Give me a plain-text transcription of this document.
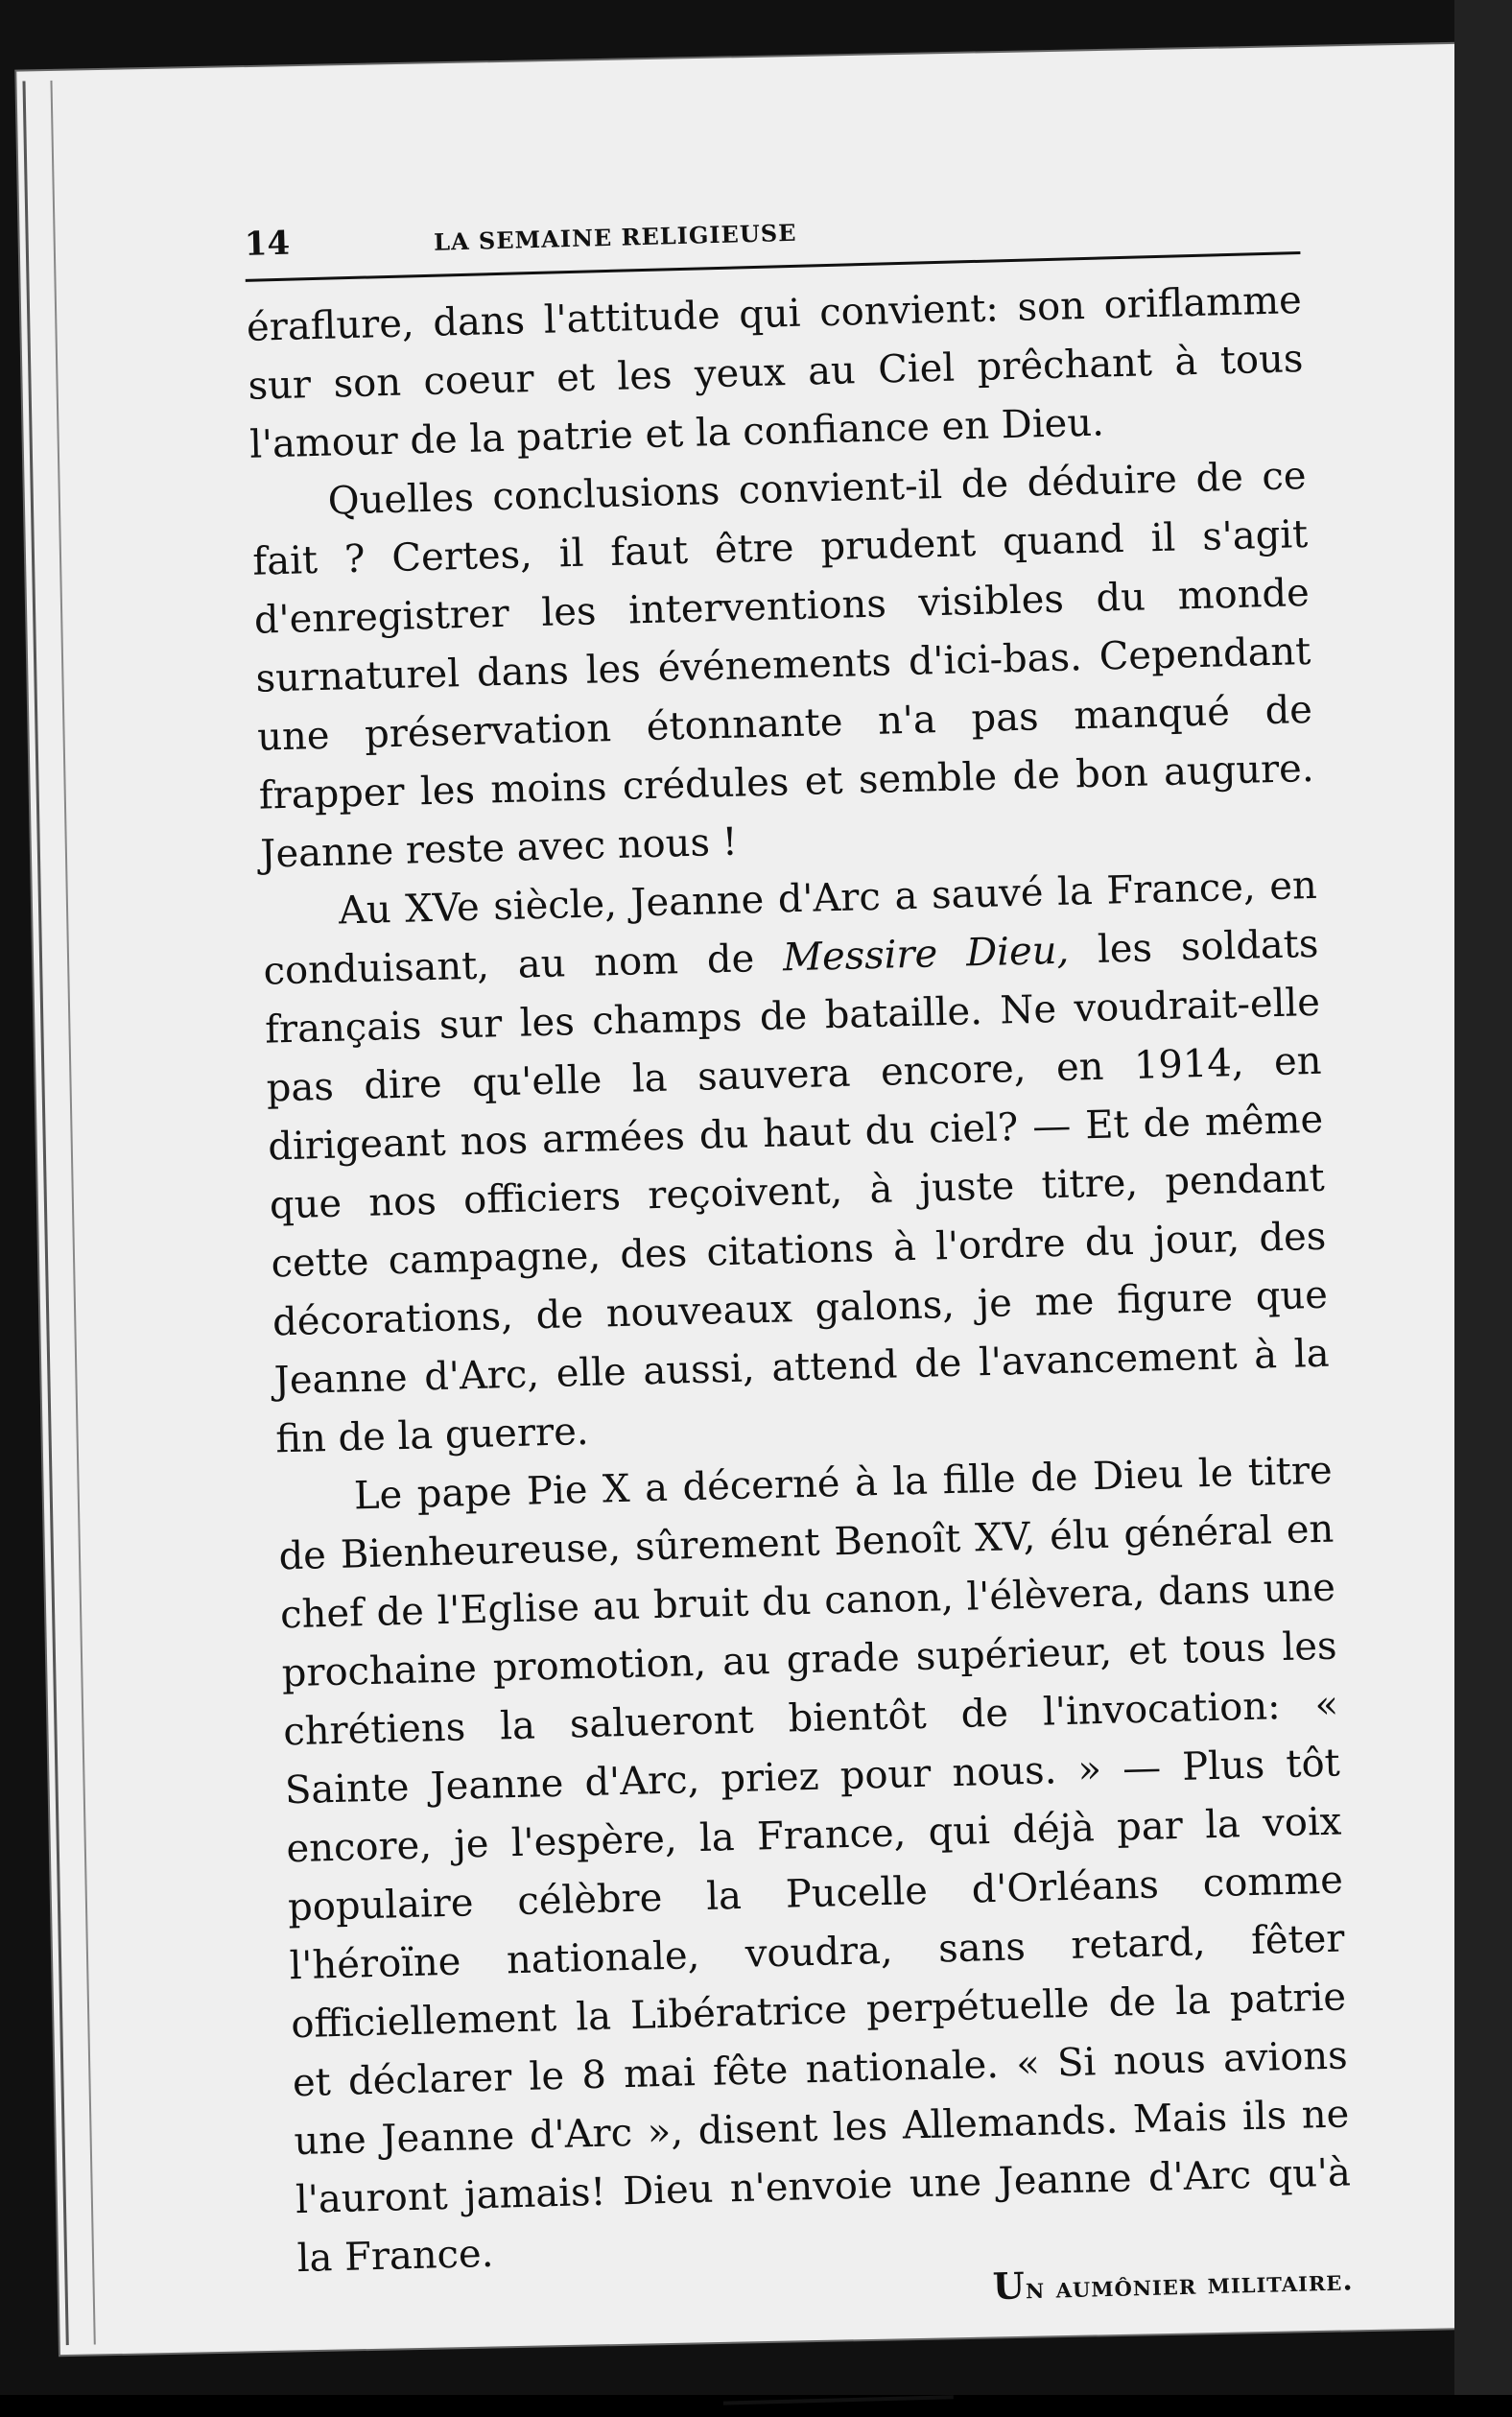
14	LA SEMAINE RELIGIEUSE

éraflure, dans l'attitude qui convient: son oriflamme sur son coeur et les yeux au Ciel prêchant à tous l'amour de la patrie et la confiance en Dieu.

Quelles conclusions convient-il de déduire de ce fait ? Certes, il faut être prudent quand il s'agit d'enregistrer les interventions visibles du monde surnaturel dans les événements d'ici-bas. Cependant une préservation étonnante n'a pas manqué de frapper les moins crédules et semble de bon augure. Jeanne reste avec nous !

Au XVe siècle, Jeanne d'Arc a sauvé la France, en conduisant, au nom de Messire Dieu, les soldats français sur les champs de bataille. Ne voudrait-elle pas dire qu'elle la sauvera encore, en 1914, en dirigeant nos armées du haut du ciel? — Et de même que nos officiers reçoivent, à juste titre, pendant cette campagne, des citations à l'ordre du jour, des décorations, de nouveaux galons, je me figure que Jeanne d'Arc, elle aussi, attend de l'avancement à la fin de la guerre.

Le pape Pie X a décerné à la fille de Dieu le titre de Bienheureuse, sûrement Benoît XV, élu général en chef de l'Eglise au bruit du canon, l'élèvera, dans une prochaine promotion, au grade supérieur, et tous les chrétiens la salueront bientôt de l'invocation: « Sainte Jeanne d'Arc, priez pour nous. » — Plus tôt encore, je l'espère, la France, qui déjà par la voix populaire célèbre la Pucelle d'Orléans comme l'héroïne nationale, voudra, sans retard, fêter officiellement la Libératrice perpétuelle de la patrie et déclarer le 8 mai fête nationale. « Si nous avions une Jeanne d'Arc », disent les Allemands. Mais ils ne l'auront jamais! Dieu n'envoie une Jeanne d'Arc qu'à la France.

Un aumônier militaire.
